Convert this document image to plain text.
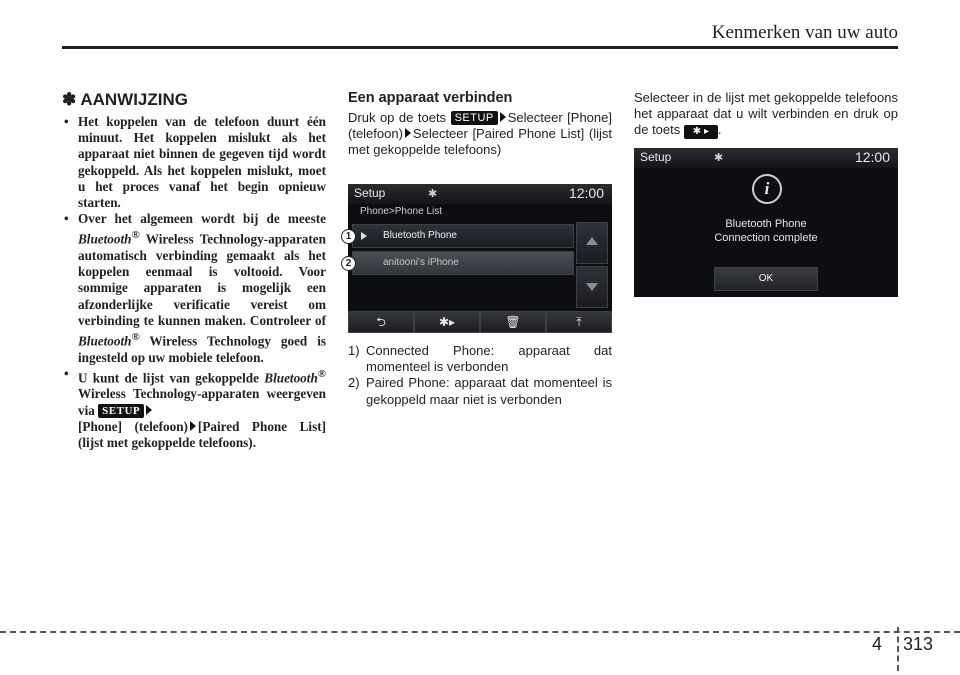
Kenmerken van uw auto
✽ AANWIJZING
• Het koppelen van de telefoon duurt één minuut. Het koppelen mislukt als het apparaat niet binnen de gegeven tijd wordt gekoppeld. Als het koppelen mislukt, moet u het proces vanaf het begin opnieuw starten.
• Over het algemeen wordt bij de meeste Bluetooth® Wireless Technology-apparaten automatisch verbinding gemaakt als het koppelen eenmaal is voltooid. Voor sommige apparaten is mogelijk een afzonderlijke verificatie vereist om verbinding te kunnen maken. Controleer of Bluetooth® Wireless Technology goed is ingesteld op uw mobiele telefoon.
• U kunt de lijst van gekoppelde Bluetooth® Wireless Technology-apparaten weergeven via SETUP
[Phone] (telefoon) [Paired Phone List] (lijst met gekoppelde telefoons).
Een apparaat verbinden
Druk op de toets SETUP Selecteer [Phone] (telefoon) Selecteer [Paired Phone List] (lijst met gekoppelde telefoons)
Setup	✱	12:00
Phone>Phone List
Bluetooth Phone
anitooni's iPhone
⮌	✱▸	🗑	⤒
1
2
1) Connected Phone: apparaat dat momenteel is verbonden
2) Paired Phone: apparaat dat momenteel is gekoppeld maar niet is verbonden
Selecteer in de lijst met gekoppelde telefoons het apparaat dat u wilt verbinden en druk op de toets ✱ ▸ .
Setup	✱	12:00
i
Bluetooth Phone
Connection complete
OK
4 313
